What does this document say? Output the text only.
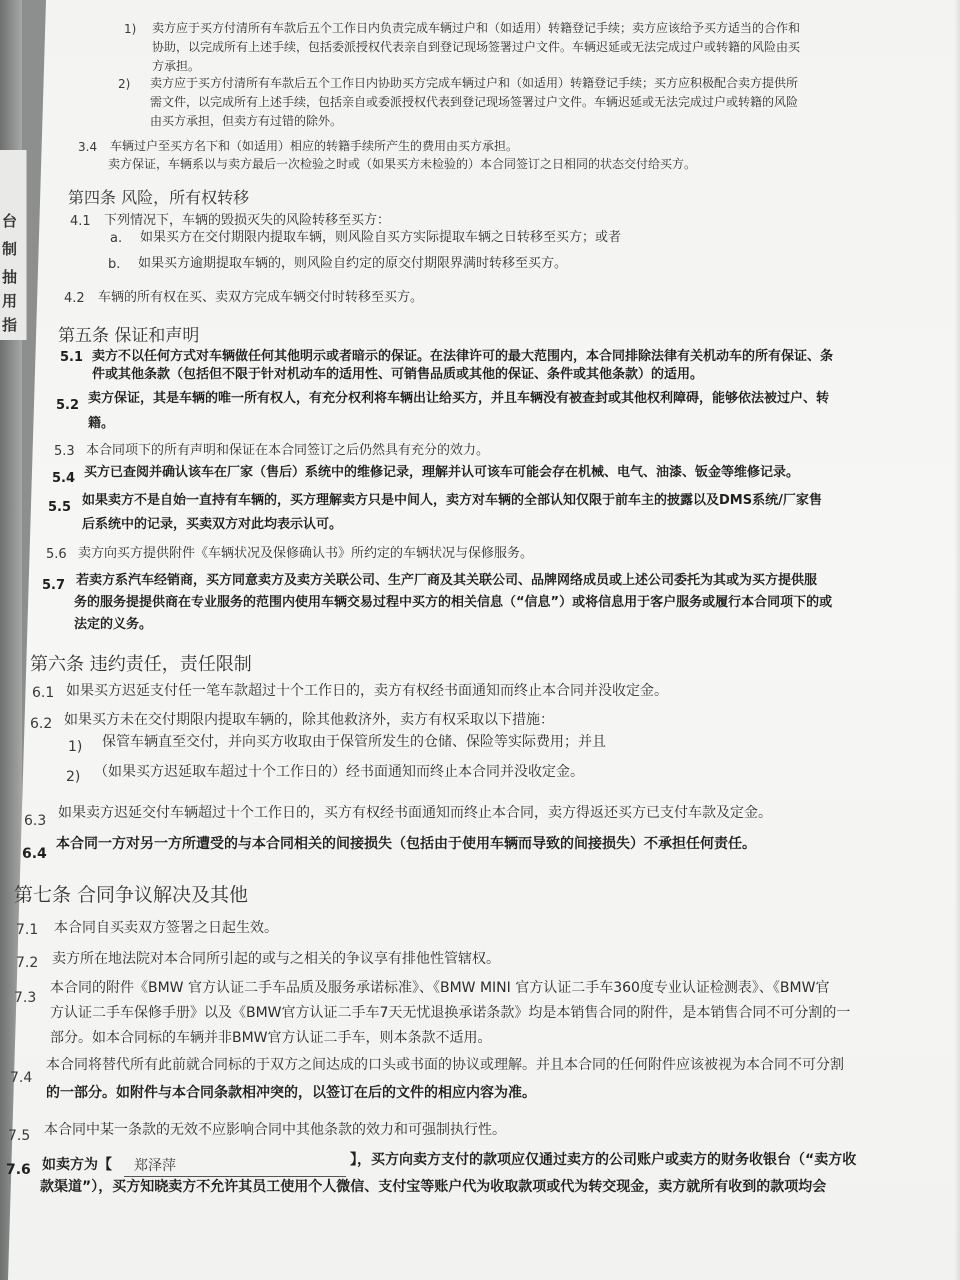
台
制
抽
用
指
1) 卖方应于买方付清所有车款后五个工作日内负责完成车辆过户和（如适用）转籍登记手续；卖方应该给予买方适当的合作和
协助，以完成所有上述手续，包括委派授权代表亲自到登记现场签署过户文件。车辆迟延或无法完成过户或转籍的风险由买
方承担。
2) 卖方应于买方付清所有车款后五个工作日内协助买方完成车辆过户和（如适用）转籍登记手续；买方应积极配合卖方提供所
需文件，以完成所有上述手续，包括亲自或委派授权代表到登记现场签署过户文件。车辆迟延或无法完成过户或转籍的风险
由买方承担，但卖方有过错的除外。
3.4 车辆过户至买方名下和（如适用）相应的转籍手续所产生的费用由买方承担。
卖方保证，车辆系以与卖方最后一次检验之时或（如果买方未检验的）本合同签订之日相同的状态交付给买方。
第四条 风险，所有权转移
4.1 下列情况下，车辆的毁损灭失的风险转移至买方：
a. 如果买方在交付期限内提取车辆，则风险自买方实际提取车辆之日转移至买方；或者
b. 如果买方逾期提取车辆的，则风险自约定的原交付期限界满时转移至买方。
4.2 车辆的所有权在买、卖双方完成车辆交付时转移至买方。
第五条 保证和声明
5.1 卖方不以任何方式对车辆做任何其他明示或者暗示的保证。在法律许可的最大范围内，本合同排除法律有关机动车的所有保证、条
件或其他条款（包括但不限于针对机动车的适用性、可销售品质或其他的保证、条件或其他条款）的适用。
5.2 卖方保证，其是车辆的唯一所有权人，有充分权利将车辆出让给买方，并且车辆没有被查封或其他权利障碍，能够依法被过户、转
籍。
5.3 本合同项下的所有声明和保证在本合同签订之后仍然具有充分的效力。
5.4 买方已查阅并确认该车在厂家（售后）系统中的维修记录，理解并认可该车可能会存在机械、电气、油漆、钣金等维修记录。
5.5 如果卖方不是自始一直持有车辆的，买方理解卖方只是中间人，卖方对车辆的全部认知仅限于前车主的披露以及DMS系统/厂家售
后系统中的记录，买卖双方对此均表示认可。
5.6 卖方向买方提供附件《车辆状况及保修确认书》所约定的车辆状况与保修服务。
5.7 若卖方系汽车经销商，买方同意卖方及卖方关联公司、生产厂商及其关联公司、品牌网络成员或上述公司委托为其或为买方提供服
务的服务提提供商在专业服务的范围内使用车辆交易过程中买方的相关信息（“信息”）或将信息用于客户服务或履行本合同项下的或
法定的义务。
第六条 违约责任，责任限制
6.1 如果买方迟延支付任一笔车款超过十个工作日的，卖方有权经书面通知而终止本合同并没收定金。
6.2 如果买方未在交付期限内提取车辆的，除其他救济外，卖方有权采取以下措施：
1) 保管车辆直至交付，并向买方收取由于保管所发生的仓储、保险等实际费用；并且
2) （如果买方迟延取车超过十个工作日的）经书面通知而终止本合同并没收定金。
6.3 如果卖方迟延交付车辆超过十个工作日的，买方有权经书面通知而终止本合同，卖方得返还买方已支付车款及定金。
6.4
本合同一方对另一方所遭受的与本合同相关的间接损失（包括由于使用车辆而导致的间接损失）不承担任何责任。
第七条 合同争议解决及其他
7.1 本合同自买卖双方签署之日起生效。
7.2 卖方所在地法院对本合同所引起的或与之相关的争议享有排他性管辖权。
7.3
本合同的附件《BMW 官方认证二手车品质及服务承诺标准》、《BMW MINI 官方认证二手车360度专业认证检测表》、《BMW官
方认证二手车保修手册》以及《BMW官方认证二手车7天无忧退换承诺条款》均是本销售合同的附件，是本销售合同不可分割的一
部分。如本合同标的车辆并非BMW官方认证二手车，则本条款不适用。
7.4
本合同将替代所有此前就合同标的于双方之间达成的口头或书面的协议或理解。并且本合同的任何附件应该被视为本合同不可分割
的一部分。如附件与本合同条款相冲突的，以签订在后的文件的相应内容为准。
7.5 本合同中某一条款的无效不应影响合同中其他条款的效力和可强制执行性。
7.6 如卖方为【 郑泽萍	】，买方向卖方支付的款项应仅通过卖方的公司账户或卖方的财务收银台（“卖方收
款渠道”），买方知晓卖方不允许其员工使用个人微信、支付宝等账户代为收取款项或代为转交现金，卖方就所有收到的款项均会
